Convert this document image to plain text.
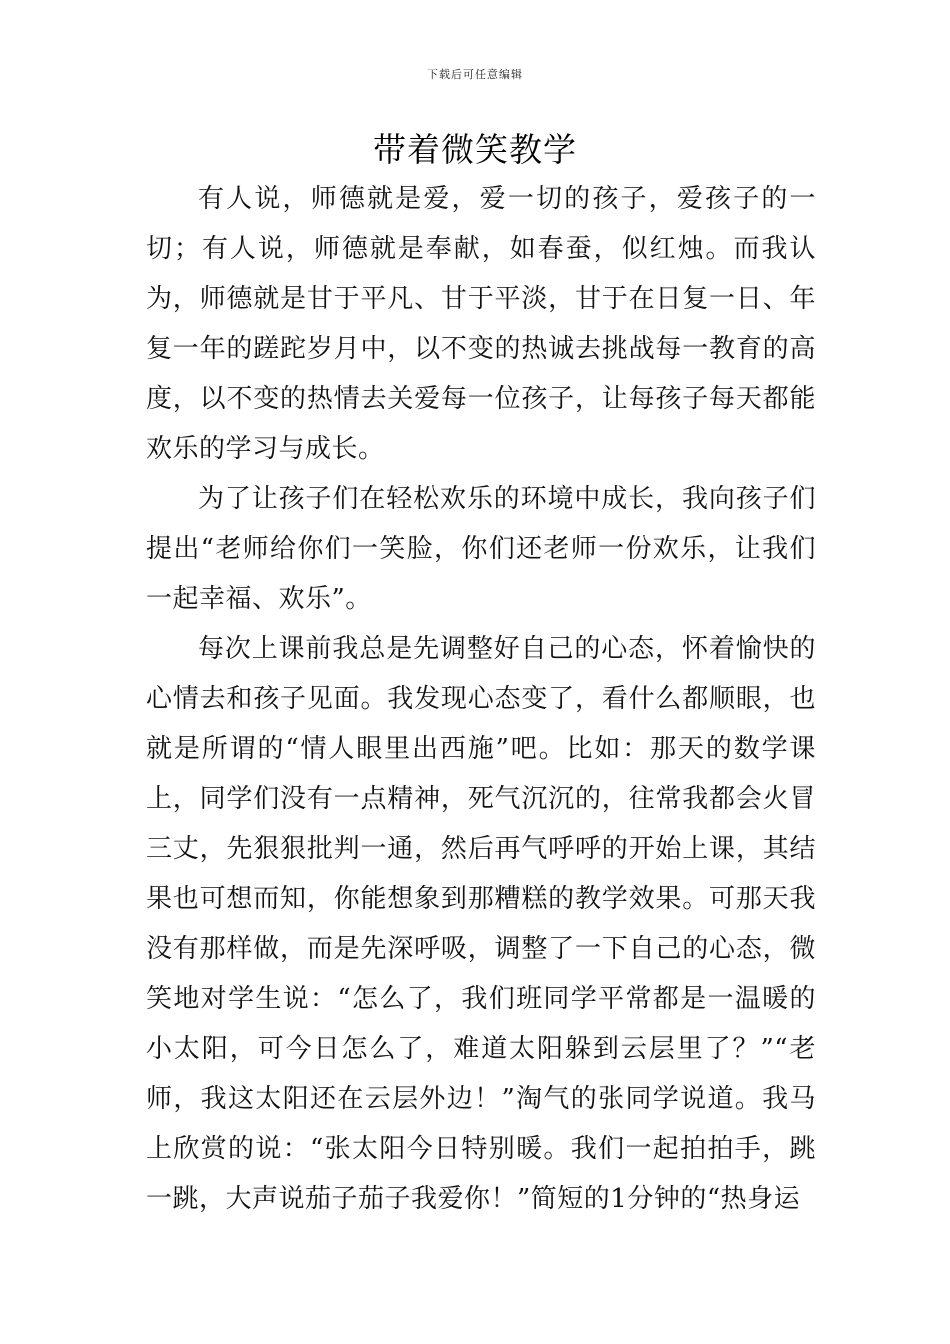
下载后可任意编辑
带着微笑教学

有人说，师德就是爱，爱一切的孩子，爱孩子的一切；有人说，师德就是奉献，如春蚕，似红烛。而我认为，师德就是甘于平凡、甘于平淡，甘于在日复一日、年复一年的蹉跎岁月中，以不变的热诚去挑战每一教育的高度，以不变的热情去关爱每一位孩子，让每孩子每天都能欢乐的学习与成长。

为了让孩子们在轻松欢乐的环境中成长，我向孩子们提出“老师给你们一笑脸，你们还老师一份欢乐，让我们一起幸福、欢乐”。

每次上课前我总是先调整好自己的心态，怀着愉快的心情去和孩子见面。我发现心态变了，看什么都顺眼，也就是所谓的“情人眼里出西施”吧。比如：那天的数学课上，同学们没有一点精神，死气沉沉的，往常我都会火冒三丈，先狠狠批判一通，然后再气呼呼的开始上课，其结果也可想而知，你能想象到那糟糕的教学效果。可那天我没有那样做，而是先深呼吸，调整了一下自己的心态，微笑地对学生说：“怎么了，我们班同学平常都是一温暖的小太阳，可今日怎么了，难道太阳躲到云层里了？”“老师，我这太阳还在云层外边！”淘气的张同学说道。我马上欣赏的说：“张太阳今日特别暖。我们一起拍拍手，跳一跳，大声说茄子茄子我爱你！”简短的1分钟的“热身运
